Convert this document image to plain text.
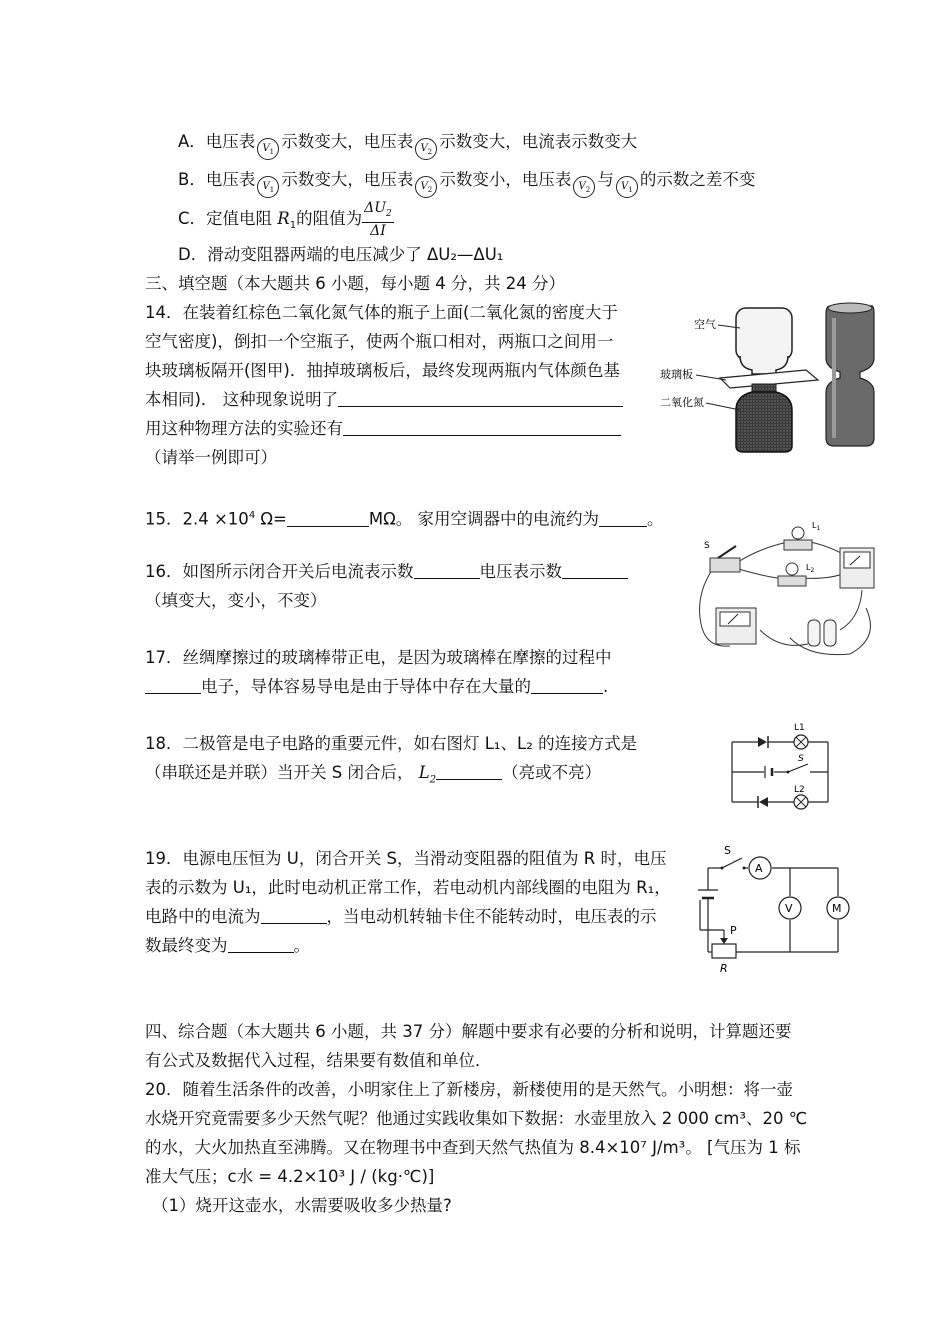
A．电压表 $V_1$示数变大，电压表 $V_2$示数变大，电流表示数变大
B．电压表 $V_1$示数变大，电压表 $V_2$示数变小，电压表 $V_2$与 $V_1$的示数之差不变
C．定值电阻 $R_1$的阻值为 $\frac{\Delta U_2}{\Delta I}$
D．滑动变阻器两端的电压减少了 ΔU₂—ΔU₁
三、填空题（本大题共 6 小题，每小题 4 分，共 24 分）
14．在装着红棕色二氧化氮气体的瓶子上面(二氧化氮的密度大于
空气密度)，倒扣一个空瓶子，使两个瓶口相对，两瓶口之间用一
块玻璃板隔开(图甲)．抽掉玻璃板后，最终发现两瓶内气体颜色基
本相同)． 这种现象说明了
用这种物理方法的实验还有
（请举一例即可）
空气
玻璃板
二氧化氮
15．$2.4 \times 10^4$ Ω=	MΩ。 家用空调器中的电流约为	。
16．如图所示闭合开关后电流表示数	电压表示数
（填变大，变小，不变）
S
$L_1$
$L_2$
17．丝绸摩擦过的玻璃棒带正电，是因为玻璃棒在摩擦的过程中
电子，导体容易导电是由于导体中存在大量的	.
18．二极管是电子电路的重要元件，如右图灯 L₁、L₂ 的连接方式是
（串联还是并联）当开关 S 闭合后， $L_2$	（亮或不亮）
L1
S
L2
19．电源电压恒为 U，闭合开关 S，当滑动变阻器的阻值为 R 时，电压
表的示数为 U₁，此时电动机正常工作，若电动机内部线圈的电阻为 R₁，
电路中的电流为	，当电动机转轴卡住不能转动时，电压表的示
数最终变为	。
S
A
V	M
P
R
四、综合题（本大题共 6 小题，共 37 分）解题中要求有必要的分析和说明，计算题还要
有公式及数据代入过程，结果要有数值和单位．
20．随着生活条件的改善，小明家住上了新楼房，新楼使用的是天然气。小明想：将一壶
水烧开究竟需要多少天然气呢？他通过实践收集如下数据：水壶里放入 2 000 cm³、20 ℃
的水，大火加热直至沸腾。又在物理书中查到天然气热值为 8.4×10⁷ J/m³。 [气压为 1 标
准大气压；c水 = 4.2×10³ J / (kg·℃)]
（1）烧开这壶水，水需要吸收多少热量?
